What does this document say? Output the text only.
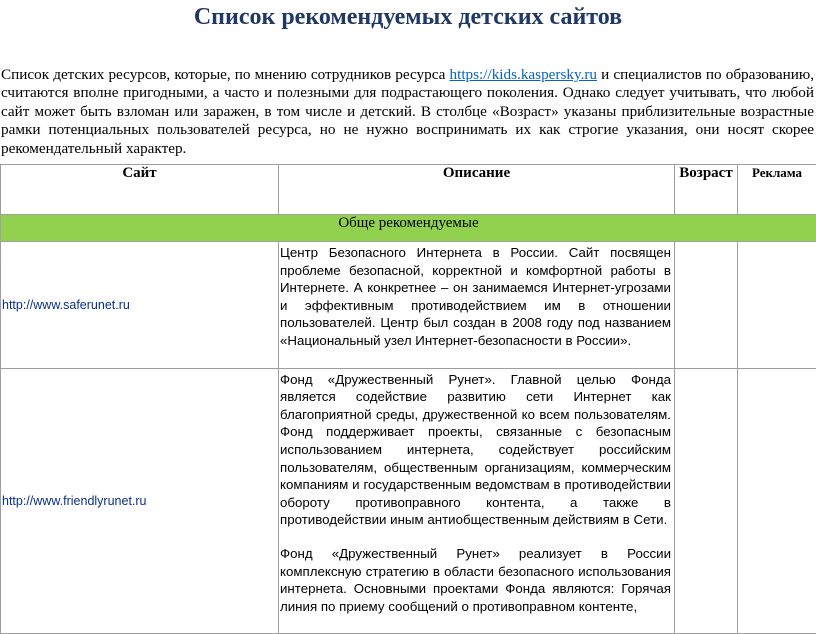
Список рекомендуемых детских сайтов
Список детских ресурсов, которые, по мнению сотрудников ресурса https://kids.kaspersky.ru и специалистов по образованию, считаются вполне пригодными, а часто и полезными для подрастающего поколения. Однако следует учитывать, что любой сайт может быть взломан или заражен, в том числе и детский. В столбце «Возраст» указаны приблизительные возрастные рамки потенциальных пользователей ресурса, но не нужно воспринимать их как строгие указания, они носят скорее рекомендательный характер.
Сайт	Описание	Возраст	Реклама
Обще рекомендуемые			
http://www.saferunet.ru	Центр Безопасного Интернета в России. Сайт посвящен проблеме безопасной, корректной и комфортной работы в Интернете. А конкретнее – он занимаемся Интернет-угрозами и эффективным противодействием им в отношении пользователей. Центр был создан в 2008 году под названием «Национальный узел Интернет-безопасности в России».		

http://www.friendlyrunet.ru	Фонд «Дружественный Рунет». Главной целью Фонда является содействие развитию сети Интернет как благоприятной среды, дружественной ко всем пользователям. Фонд поддерживает проекты, связанные с безопасным использованием интернета, содействует российским пользователям, общественным организациям, коммерческим компаниям и государственным ведомствам в противодействии обороту противоправного контента, а также в противодействии иным антиобщественным действиям в Сети.

Фонд «Дружественный Рунет» реализует в России комплексную стратегию в области безопасного использования интернета. Основными проектами Фонда являются: Горячая линия по приему сообщений о противоправном контенте,		
